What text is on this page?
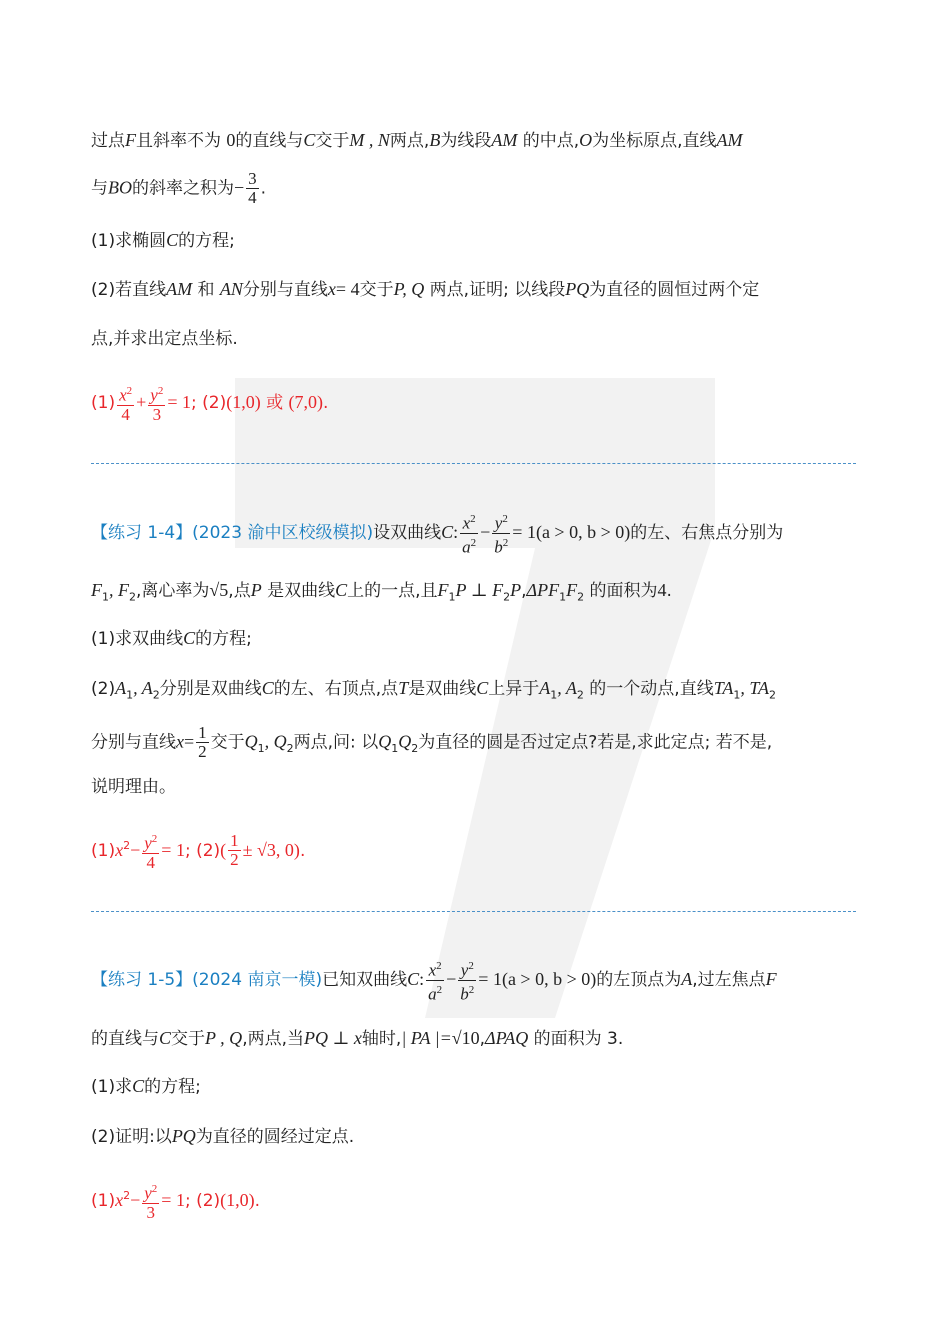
过点F且斜率不为 0的直线与C交于M , N两点,B为线段AM 的中点,O为坐标原点,直线AM
与BO的斜率之积为− $\frac{3}{4}$ .
(1)求椭圆C的方程;
(2)若直线AM 和 AN分别与直线x= 4交于P, Q 两点,证明; 以线段PQ为直径的圆恒过两个定
点,并求出定点坐标.
$(1) \frac{x^2}{4} + \frac{y^2}{3} = 1$; (2)(1,0) 或 (7,0).
【练习 1-4】(2023 渝中区校级模拟)设双曲线C: $\frac{x^2}{a^2} - \frac{y^2}{b^2} = 1(a > 0$, b > 0)的左、右焦点分别为
$F_1$, $F_2$,离心率为√5,点P 是双曲线C上的一点,且$F_1P$ ⊥ $F_2P,\Delta PF_1F_2$ 的面积为4.
(1)求双曲线C的方程;
$(2)A_1$, $A_2$分别是双曲线C的左、右顶点,点T是双曲线C上异于$A_1$, $A_2$ 的一个动点,直线$TA_1$, $TA_2$
分别与直线$x= \frac{1}{2}$ 交于$Q_1$, $Q_2$两点,问: 以$Q_1Q_2$为直径的圆是否过定点?若是,求此定点; 若不是,
说明理由。
$(1)x^2- \frac{y^2}{4} = 1$; $(2)( \frac{1}{2} \pm √3$, 0).
【练习 1-5】(2024 南京一模)已知双曲线C: $\frac{x^2}{a^2} - \frac{y^2}{b^2} = 1(a > 0$, b > 0)的左顶点为A,过左焦点F
的直线与C交于P , Q,两点,当PQ ⊥ x轴时,| PA |=√10,ΔPAQ 的面积为 3.
(1)求C的方程;
(2)证明:以PQ为直径的圆经过定点.
$(1)x^2- \frac{y^2}{3} = 1$; (2)(1,0).
